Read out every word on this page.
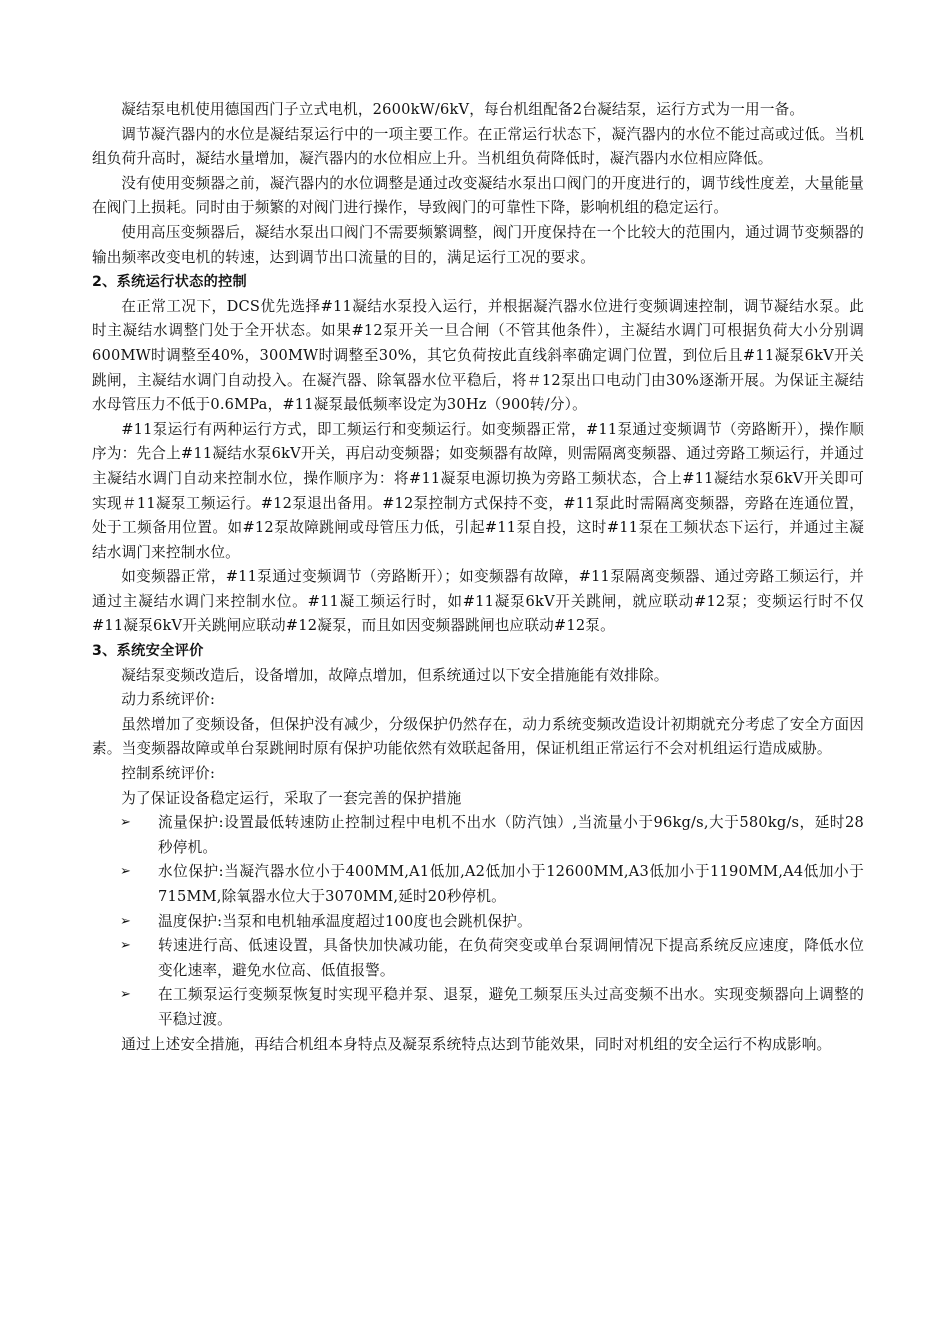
凝结泵电机使用德国西门子立式电机，2600kW/6kV，每台机组配备2台凝结泵，运行方式为一用一备。

调节凝汽器内的水位是凝结泵运行中的一项主要工作。在正常运行状态下，凝汽器内的水位不能过高或过低。当机组负荷升高时，凝结水量增加，凝汽器内的水位相应上升。当机组负荷降低时，凝汽器内水位相应降低。

没有使用变频器之前，凝汽器内的水位调整是通过改变凝结水泵出口阀门的开度进行的，调节线性度差，大量能量在阀门上损耗。同时由于频繁的对阀门进行操作，导致阀门的可靠性下降，影响机组的稳定运行。

使用高压变频器后，凝结水泵出口阀门不需要频繁调整，阀门开度保持在一个比较大的范围内，通过调节变频器的输出频率改变电机的转速，达到调节出口流量的目的，满足运行工况的要求。

2、系统运行状态的控制

在正常工况下，DCS优先选择#11凝结水泵投入运行，并根据凝汽器水位进行变频调速控制，调节凝结水泵。此时主凝结水调整门处于全开状态。如果#12泵开关一旦合闸（不管其他条件），主凝结水调门可根据负荷大小分别调600MW时调整至40%，300MW时调整至30%，其它负荷按此直线斜率确定调门位置，到位后且#11凝泵6kV开关跳闸，主凝结水调门自动投入。在凝汽器、除氧器水位平稳后，将＃12泵出口电动门由30%逐渐开展。为保证主凝结水母管压力不低于0.6MPa，#11凝泵最低频率设定为30Hz（900转/分）。

#11泵运行有两种运行方式，即工频运行和变频运行。如变频器正常，#11泵通过变频调节（旁路断开），操作顺序为：先合上#11凝结水泵6kV开关，再启动变频器；如变频器有故障，则需隔离变频器、通过旁路工频运行，并通过主凝结水调门自动来控制水位，操作顺序为：将#11凝泵电源切换为旁路工频状态，合上#11凝结水泵6kV开关即可实现＃11凝泵工频运行。#12泵退出备用。#12泵控制方式保持不变，#11泵此时需隔离变频器，旁路在连通位置，处于工频备用位置。如#12泵故障跳闸或母管压力低，引起#11泵自投，这时#11泵在工频状态下运行，并通过主凝结水调门来控制水位。

如变频器正常，#11泵通过变频调节（旁路断开）；如变频器有故障，#11泵隔离变频器、通过旁路工频运行，并通过主凝结水调门来控制水位。#11凝工频运行时，如#11凝泵6kV开关跳闸，就应联动#12泵；变频运行时不仅#11凝泵6kV开关跳闸应联动#12凝泵，而且如因变频器跳闸也应联动#12泵。

3、系统安全评价

凝结泵变频改造后，设备增加，故障点增加，但系统通过以下安全措施能有效排除。

动力系统评价:

虽然增加了变频设备，但保护没有减少，分级保护仍然存在，动力系统变频改造设计初期就充分考虑了安全方面因素。当变频器故障或单台泵跳闸时原有保护功能依然有效联起备用，保证机组正常运行不会对机组运行造成威胁。

控制系统评价:

为了保证设备稳定运行，采取了一套完善的保护措施

➢ 流量保护:设置最低转速防止控制过程中电机不出水（防汽蚀）,当流量小于96kg/s,大于580kg/s，延时28秒停机。
➢ 水位保护:当凝汽器水位小于400MM,A1低加,A2低加小于12600MM,A3低加小于1190MM,A4低加小于715MM,除氧器水位大于3070MM,延时20秒停机。
➢ 温度保护:当泵和电机轴承温度超过100度也会跳机保护。
➢ 转速进行高、低速设置，具备快加快减功能，在负荷突变或单台泵调闸情况下提高系统反应速度，降低水位变化速率，避免水位高、低值报警。
➢ 在工频泵运行变频泵恢复时实现平稳并泵、退泵，避免工频泵压头过高变频不出水。实现变频器向上调整的平稳过渡。

通过上述安全措施，再结合机组本身特点及凝泵系统特点达到节能效果，同时对机组的安全运行不构成影响。
